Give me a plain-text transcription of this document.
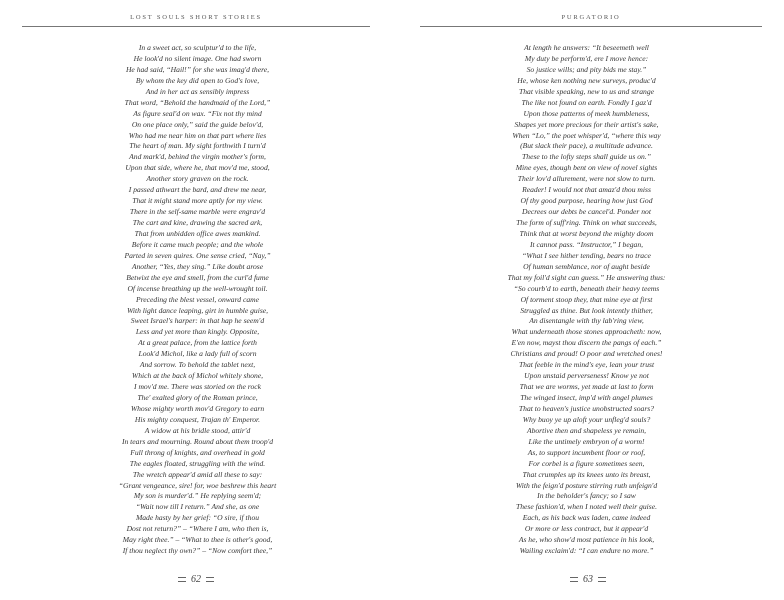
LOST SOULS SHORT STORIES
In a sweet act, so sculptur'd to the life,
He look'd no silent image. One had sworn
He had said, “Hail!” for she was imag'd there,
By whom the key did open to God's love,
And in her act as sensibly impress
That word, “Behold the handmaid of the Lord,”
As figure seal'd on wax. “Fix not thy mind
On one place only,” said the guide belov'd,
Who had me near him on that part where lies
The heart of man. My sight forthwith I turn'd
And mark'd, behind the virgin mother's form,
Upon that side, where he, that mov'd me, stood,
Another story graven on the rock.
I passed athwart the bard, and drew me near,
That it might stand more aptly for my view.
There in the self-same marble were engrav'd
The cart and kine, drawing the sacred ark,
That from unbidden office awes mankind.
Before it came much people; and the whole
Parted in seven quires. One sense cried, “Nay,”
Another, “Yes, they sing.” Like doubt arose
Betwixt the eye and smell, from the curl'd fume
Of incense breathing up the well-wrought toil.
Preceding the blest vessel, onward came
With light dance leaping, girt in humble guise,
Sweet Israel's harper: in that hap he seem'd
Less and yet more than kingly. Opposite,
At a great palace, from the lattice forth
Look'd Michol, like a lady full of scorn
And sorrow. To behold the tablet next,
Which at the back of Michol whitely shone,
I mov'd me. There was storied on the rock
The' exalted glory of the Roman prince,
Whose mighty worth mov'd Gregory to earn
His mighty conquest, Trajan th' Emperor.
A widow at his bridle stood, attir'd
In tears and mourning. Round about them troop'd
Full throng of knights, and overhead in gold
The eagles floated, struggling with the wind.
The wretch appear'd amid all these to say:
“Grant vengeance, sire! for, woe beshrew this heart
My son is murder'd.” He replying seem'd;
“Wait now till I return.” And she, as one
Made hasty by her grief: “O sire, if thou
Dost not return?” – “Where I am, who then is,
May right thee.” – “What to thee is other's good,
If thou neglect thy own?” – “Now comfort thee,”
62
PURGATORIO
At length he answers: “It beseemeth well
My duty be perform'd, ere I move hence:
So justice wills; and pity bids me stay.”
He, whose ken nothing new surveys, produc'd
That visible speaking, new to us and strange
The like not found on earth. Fondly I gaz'd
Upon those patterns of meek humbleness,
Shapes yet more precious for their artist's sake,
When “Lo,” the poet whisper'd, “where this way
(But slack their pace), a multitude advance.
These to the lofty steps shall guide us on.”
Mine eyes, though bent on view of novel sights
Their lov'd allurement, were not slow to turn.
Reader! I would not that amaz'd thou miss
Of thy good purpose, hearing how just God
Decrees our debts be cancel'd. Ponder not
The form of suff'ring. Think on what succeeds,
Think that at worst beyond the mighty doom
It cannot pass. “Instructor,” I began,
“What I see hither tending, bears no trace
Of human semblance, nor of aught beside
That my foil'd sight can guess.” He answering thus:
“So courb'd to earth, beneath their heavy teems
Of torment stoop they, that mine eye at first
Struggled as thine. But look intently thither,
An disentangle with thy lab'ring view,
What underneath those stones approacheth: now,
E'en now, mayst thou discern the pangs of each.”
Christians and proud! O poor and wretched ones!
That feeble in the mind's eye, lean your trust
Upon unstaid perverseness! Know ye not
That we are worms, yet made at last to form
The winged insect, imp'd with angel plumes
That to heaven's justice unobstructed soars?
Why buoy ye up aloft your unfleg'd souls?
Abortive then and shapeless ye remain,
Like the untimely embryon of a worm!
As, to support incumbent floor or roof,
For corbel is a figure sometimes seen,
That crumples up its knees unto its breast,
With the feign'd posture stirring ruth unfeign'd
In the beholder's fancy; so I saw
These fashion'd, when I noted well their guise.
Each, as his back was laden, came indeed
Or more or less contract, but it appear'd
As he, who show'd most patience in his look,
Wailing exclaim'd: “I can endure no more.”
63
